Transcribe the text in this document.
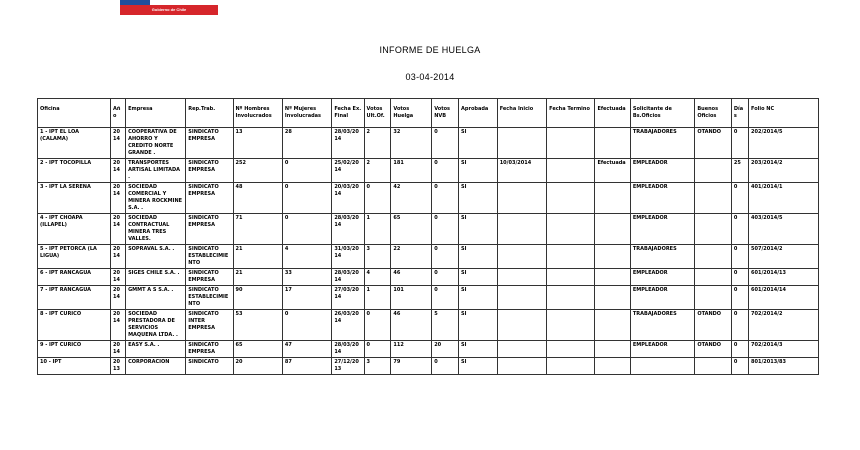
Gobierno de Chile
INFORME DE HUELGA
03-04-2014
Oficina	Año	Empresa	Rep.Trab.	Nº Hombres Involucrados	Nº Mujeres Involucradas	Fecha Ex. Final	Votos Ult.Of.	Votos Huelga	Votos NVB	Aprobada	Fecha Inicio	Fecha Termino	Efectuada	Solicitante de Bs.Oficios	Buenos Oficios	Días	Folio NC
1 - IPT EL LOA (CALAMA)	2014	COOPERATIVA DE AHORRO Y CREDITO NORTE GRANDE .	SINDICATO EMPRESA	13	28	28/03/2014	2	32	0	SI				TRABAJADORES	OTANDO	0	202/2014/5
2 - IPT TOCOPILLA	2014	TRANSPORTES ARTISAL LIMITADA .	SINDICATO EMPRESA	252	0	25/02/2014	2	181	0	SI	10/03/2014		Efectuada	EMPLEADOR		25	203/2014/2
3 - IPT LA SERENA	2014	SOCIEDAD COMERCIAL Y MINERA ROCKMINE S.A. .	SINDICATO EMPRESA	48	0	20/03/2014	0	42	0	SI				EMPLEADOR		0	401/2014/1
4 - IPT CHOAPA (ILLAPEL)	2014	SOCIEDAD CONTRACTUAL MINERA TRES VALLES.	SINDICATO EMPRESA	71	0	28/03/2014	1	65	0	SI				EMPLEADOR		0	403/2014/5
5 - IPT PETORCA (LA LIGUA)	2014	SOPRAVAL S.A. .	SINDICATO ESTABLECIMIENTO	21	4	31/03/2014	3	22	0	SI				TRABAJADORES		0	507/2014/2
6 - IPT RANCAGUA	2014	SIGES CHILE S.A. .	SINDICATO EMPRESA	21	33	28/03/2014	4	46	0	SI				EMPLEADOR		0	601/2014/13
7 - IPT RANCAGUA	2014	GMMT A S S.A. .	SINDICATO ESTABLECIMIENTO	90	17	27/03/2014	1	101	0	SI				EMPLEADOR		0	601/2014/14
8 - IPT CURICO	2014	SOCIEDAD PRESTADORA DE SERVICIOS MAQUENA LTDA. .	SINDICATO INTER EMPRESA	53	0	26/03/2014	0	46	5	SI				TRABAJADORES	OTANDO	0	702/2014/2
9 - IPT CURICO	2014	EASY S.A. .	SINDICATO EMPRESA	65	47	28/03/2014	0	112	20	SI				EMPLEADOR	OTANDO	0	702/2014/3
10 - IPT	2013	CORPORACION	SINDICATO	20	87	27/12/2013	3	79	0	SI						0	801/2013/83
